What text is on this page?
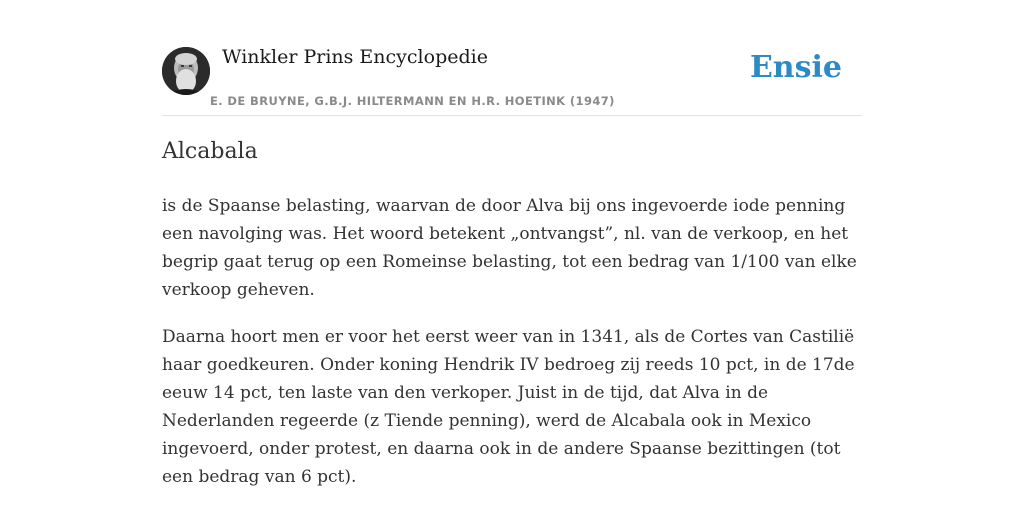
Winkler Prins Encyclopedie
E. DE BRUYNE, G.B.J. HILTERMANN EN H.R. HOETINK (1947)
Ensie
Alcabala

is de Spaanse belasting, waarvan de door Alva bij ons ingevoerde iode penning een navolging was. Het woord betekent „ontvangst”, nl. van de verkoop, en het begrip gaat terug op een Romeinse belasting, tot een bedrag van 1/100 van elke verkoop geheven.

Daarna hoort men er voor het eerst weer van in 1341, als de Cortes van Castilië haar goedkeuren. Onder koning Hendrik IV bedroeg zij reeds 10 pct, in de 17de eeuw 14 pct, ten laste van den verkoper. Juist in de tijd, dat Alva in de Nederlanden regeerde (z Tiende penning), werd de Alcabala ook in Mexico ingevoerd, onder protest, en daarna ook in de andere Spaanse bezittingen (tot een bedrag van 6 pct).
